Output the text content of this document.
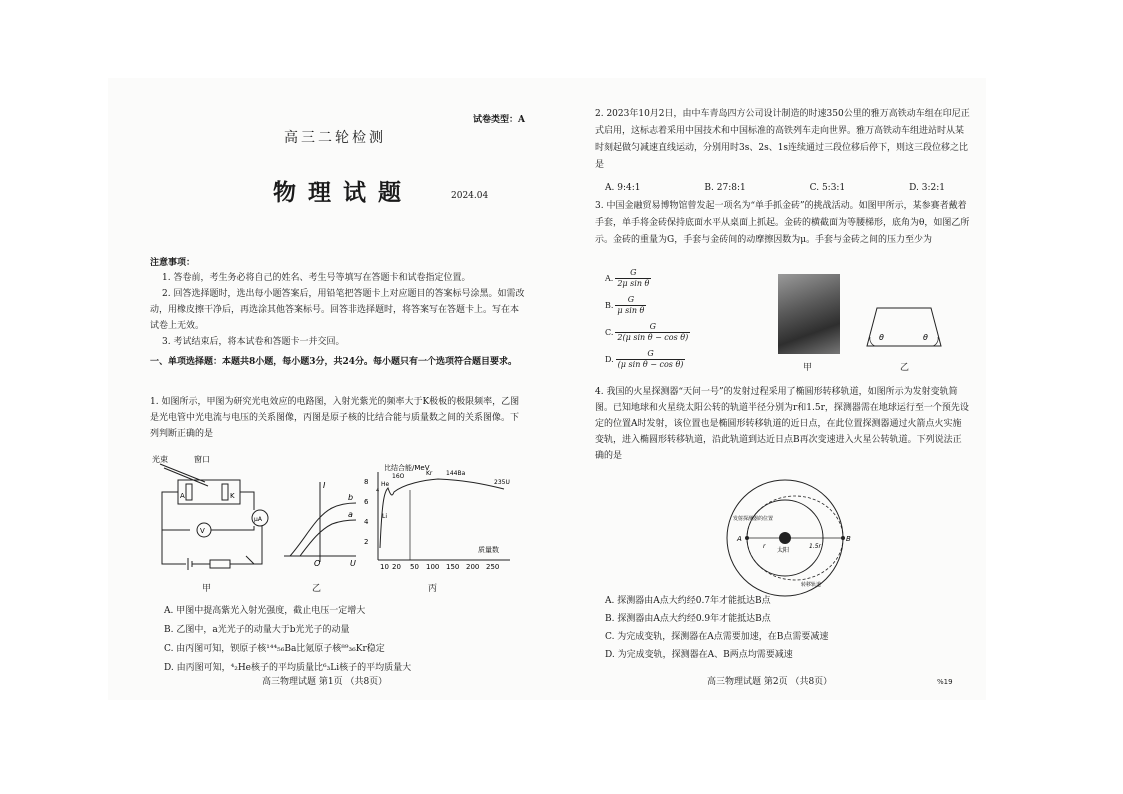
试卷类型：A
高三二轮检测
物理试题	2024.04
注意事项：
1. 答卷前，考生务必将自己的姓名、考生号等填写在答题卡和试卷指定位置。
2. 回答选择题时，选出每小题答案后，用铅笔把答题卡上对应题目的答案标号涂黑。如需改动，用橡皮擦干净后，再选涂其他答案标号。回答非选择题时，将答案写在答题卡上。写在本试卷上无效。
3. 考试结束后，将本试卷和答题卡一并交回。
一、单项选择题：本题共8小题，每小题3分，共24分。每小题只有一个选项符合题目要求。
1. 如图所示，甲图为研究光电效应的电路图，入射光紫光的频率大于K极板的极限频率，乙图是光电管中光电流与电压的关系图像，丙图是原子核的比结合能与质量数之间的关系图像。下列判断正确的是
光束	窗口
A	K
V
μA
甲
I
U
O
b
a
乙
8
6
4
2
10 20 50 100 150 200 250
比结合能/MeV
质量数
He
Li
16O	Kr 144Ba
235U
4
丙
A. 甲图中提高紫光入射光强度，截止电压一定增大
B. 乙图中，a光光子的动量大于b光光子的动量
C. 由丙图可知，钡原子核¹⁴⁴₅₆Ba比氪原子核⁸⁹₃₆Kr稳定
D. 由丙图可知，⁴₂He核子的平均质量比⁶₃Li核子的平均质量大
高三物理试题 第1页 （共8页）
2. 2023年10月2日，由中车青岛四方公司设计制造的时速350公里的雅万高铁动车组在印尼正式启用，这标志着采用中国技术和中国标准的高铁列车走向世界。雅万高铁动车组进站时从某时刻起做匀减速直线运动，分别用时3s、2s、1s连续通过三段位移后停下，则这三段位移之比是
A. 9:4:1	B. 27:8:1	C. 5:3:1	D. 3:2:1
3. 中国金融贸易博物馆曾发起一项名为“单手抓金砖”的挑战活动。如图甲所示，某参赛者戴着手套，单手将金砖保持底面水平从桌面上抓起。金砖的横截面为等腰梯形，底角为θ，如图乙所示。金砖的重量为G，手套与金砖间的动摩擦因数为μ。手套与金砖之间的压力至少为
A. $\frac{G}{\text{2μ sin θ}}$
B. $\frac{G}{\text{μ sin θ}}$
C. $\frac{G}{\text{2(μ sin θ − cos θ)}}$
D. $\frac{G}{\text{(μ sin θ − cos θ)}}$	甲
θ	θ
乙
4. 我国的火星探测器“天问一号”的发射过程采用了椭圆形转移轨道，如图所示为发射变轨简图。已知地球和火星绕太阳公转的轨道半径分别为r和1.5r，探测器需在地球运行至一个预先设定的位置A时发射，该位置也是椭圆形转移轨道的近日点，在此位置探测器通过火箭点火实施变轨，进入椭圆形转移轨道，沿此轨道到达近日点B再次变速进入火星公转轨道。下列说法正确的是
A	B
太阳
r	1.5r
发射探测器的位置
转移轨道
A. 探测器由A点大约经0.7年才能抵达B点
B. 探测器由A点大约经0.9年才能抵达B点
C. 为完成变轨，探测器在A点需要加速，在B点需要减速
D. 为完成变轨，探测器在A、B两点均需要减速
高三物理试题 第2页 （共8页）	%19
